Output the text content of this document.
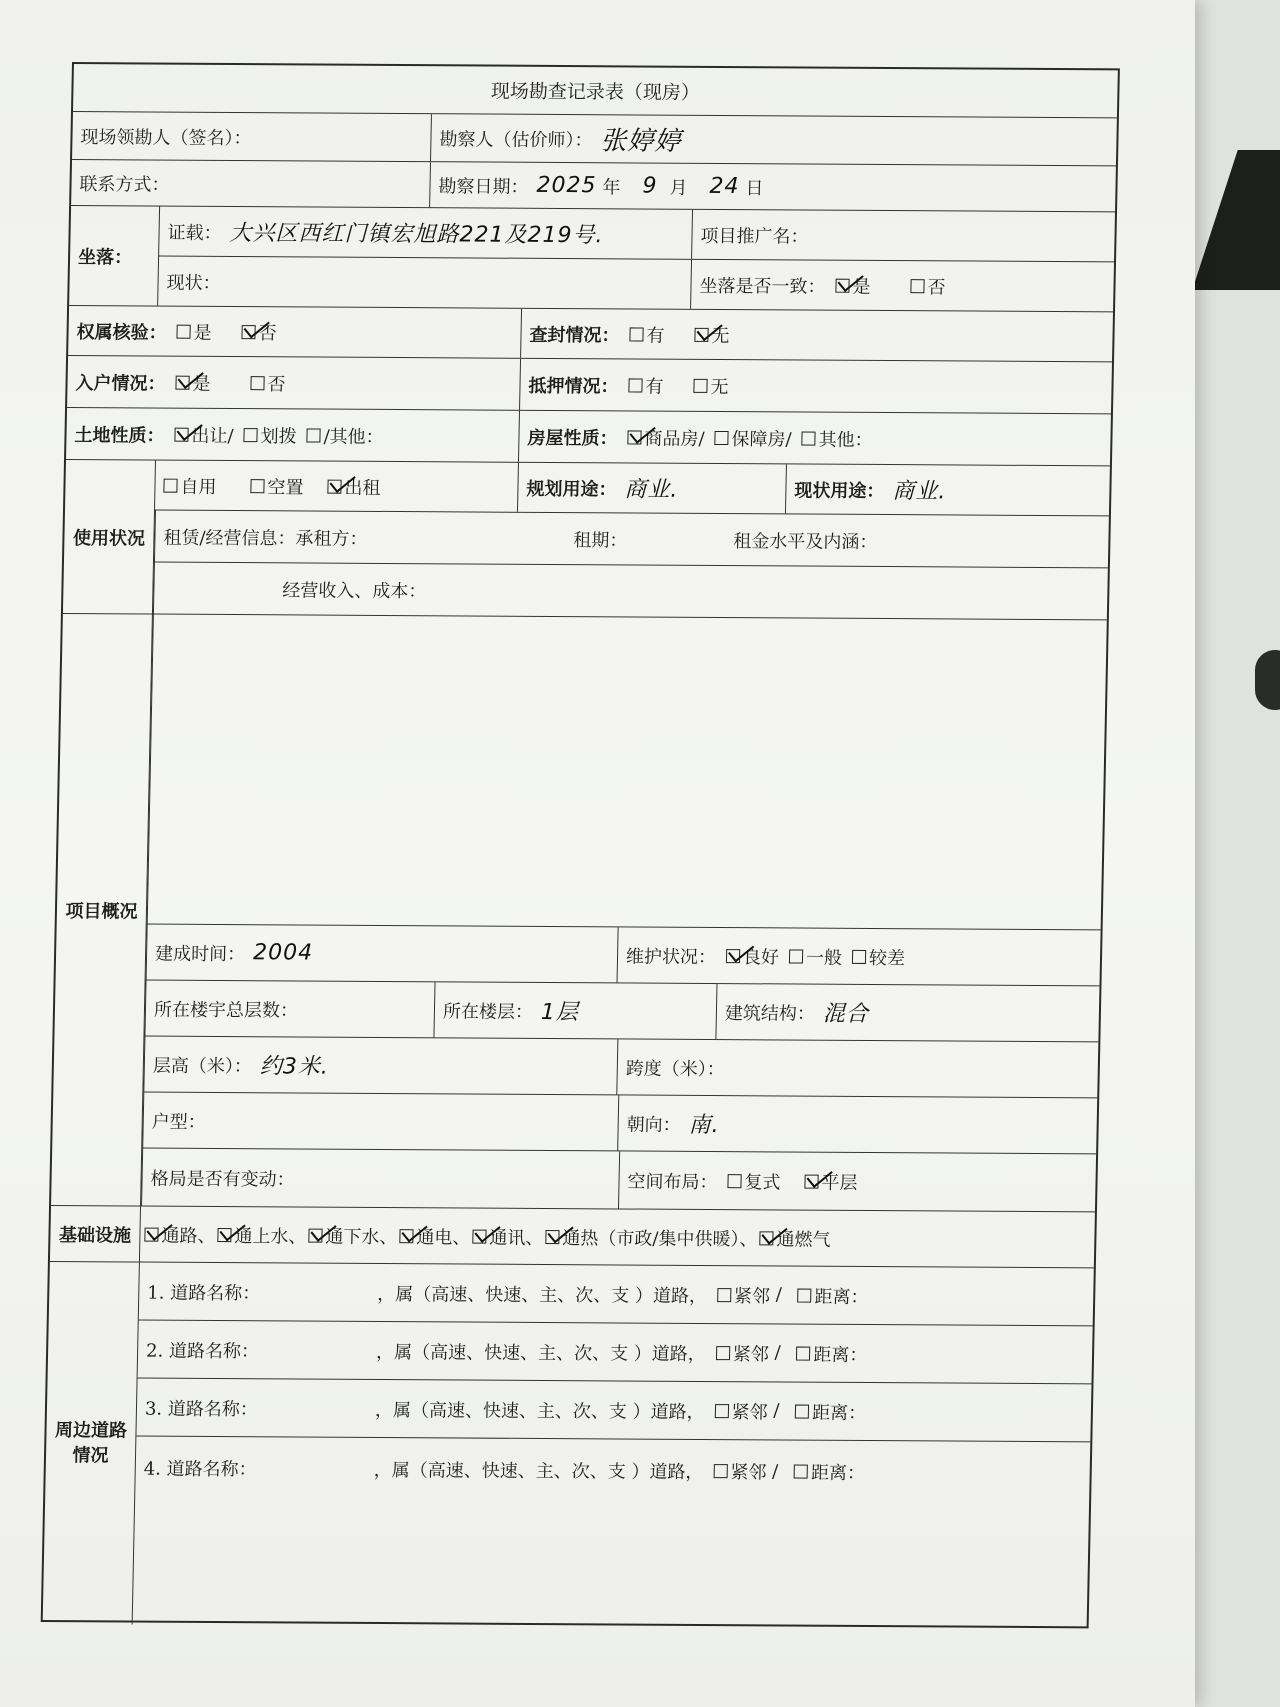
现场勘查记录表（现房）
现场领勘人（签名）：	勘察人（估价师）： 张婷婷
联系方式：	勘察日期： 2025 年 9 月 24 日
坐落：
证载： 大兴区西红门镇宏旭路221及219号.	项目推广名：
现状：	坐落是否一致： 是	否
权属核验： 是	否	查封情况： 有	无
入户情况： 是	否	抵押情况： 有	无
土地性质： 出让/ 划拨 /其他：	房屋性质： 商品房/ 保障房/ 其他：
使用状况
自用	空置 出租	规划用途： 商业.	现状用途： 商业.
租赁/经营信息：承租方：	租期：	租金水平及内涵：
经营收入、成本：
项目概况
建成时间： 2004	维护状况： 良好 一般 较差
所在楼宇总层数：	所在楼层： 1层	建筑结构： 混合
层高（米）： 约3米.	跨度（米）：
户型：	朝向： 南.
格局是否有变动：	空间布局： 复式 平层
基础设施	通路、 通上水、 通下水、 通电、 通讯、 通热（市政/集中供暖）、 通燃气
周边道路情况
1. 道路名称：	，属（高速、快速、主、次、支 ）道路， 紧邻 / 距离：
2. 道路名称：	，属（高速、快速、主、次、支 ）道路， 紧邻 / 距离：
3. 道路名称：	，属（高速、快速、主、次、支 ）道路， 紧邻 / 距离：
4. 道路名称：	，属（高速、快速、主、次、支 ）道路， 紧邻 / 距离：
